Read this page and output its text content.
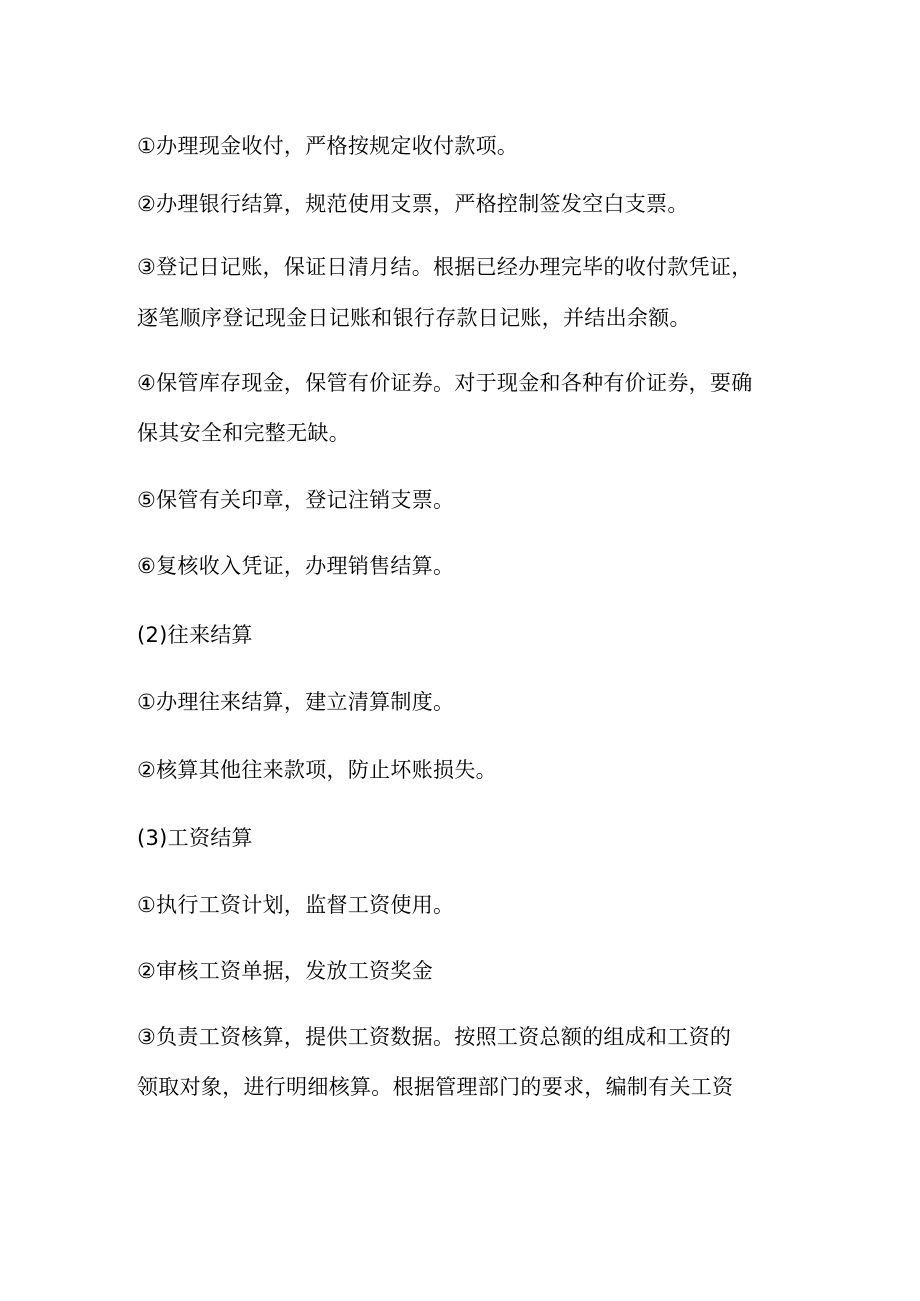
①办理现金收付，严格按规定收付款项。

②办理银行结算，规范使用支票，严格控制签发空白支票。

③登记日记账，保证日清月结。根据已经办理完毕的收付款凭证，

逐笔顺序登记现金日记账和银行存款日记账，并结出余额。

④保管库存现金，保管有价证券。对于现金和各种有价证券，要确

保其安全和完整无缺。

⑤保管有关印章，登记注销支票。

⑥复核收入凭证，办理销售结算。

(2)往来结算

①办理往来结算，建立清算制度。

②核算其他往来款项，防止坏账损失。

(3)工资结算

①执行工资计划，监督工资使用。

②审核工资单据，发放工资奖金

③负责工资核算，提供工资数据。按照工资总额的组成和工资的

领取对象，进行明细核算。根据管理部门的要求，编制有关工资
